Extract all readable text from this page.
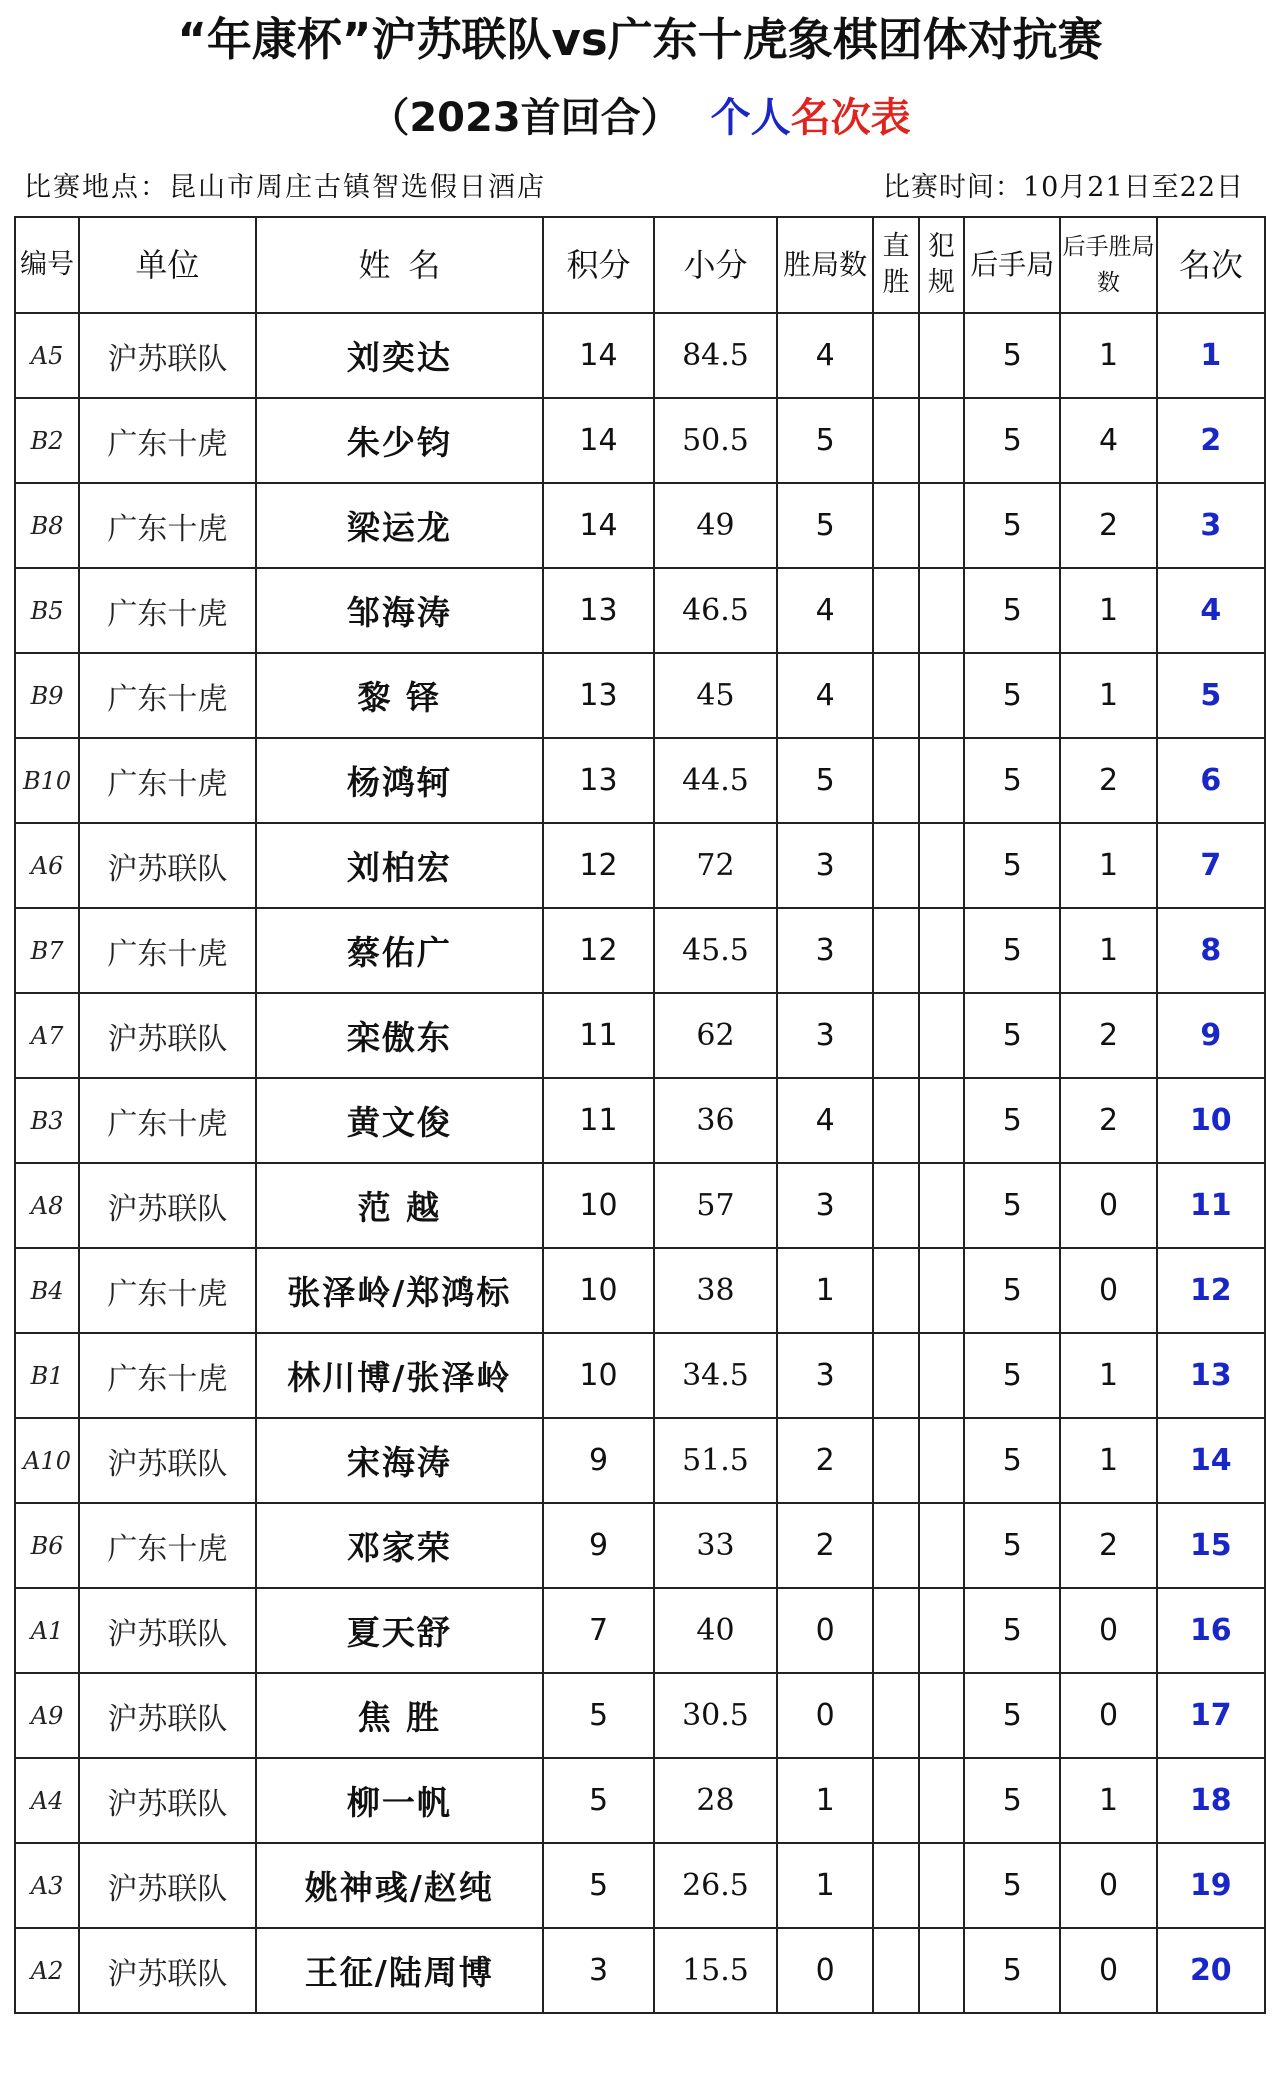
“年康杯”沪苏联队vs广东十虎象棋团体对抗赛
（2023首回合） 个人名次表
比赛地点：昆山市周庄古镇智选假日酒店	比赛时间：10月21日至22日
编号	单位	姓名	积分	小分	胜局数	直胜	犯规	后手局	后手胜局数	名次
A5	沪苏联队	刘奕达	14	84.5	4			5	1	1
B2	广东十虎	朱少钧	14	50.5	5			5	4	2
B8	广东十虎	梁运龙	14	49	5			5	2	3
B5	广东十虎	邹海涛	13	46.5	4			5	1	4
B9	广东十虎	黎 铎	13	45	4			5	1	5
B10	广东十虎	杨鸿轲	13	44.5	5			5	2	6
A6	沪苏联队	刘柏宏	12	72	3			5	1	7
B7	广东十虎	蔡佑广	12	45.5	3			5	1	8
A7	沪苏联队	栾傲东	11	62	3			5	2	9
B3	广东十虎	黄文俊	11	36	4			5	2	10
A8	沪苏联队	范 越	10	57	3			5	0	11
B4	广东十虎	张泽岭/郑鸿标	10	38	1			5	0	12
B1	广东十虎	林川博/张泽岭	10	34.5	3			5	1	13
A10	沪苏联队	宋海涛	9	51.5	2			5	1	14
B6	广东十虎	邓家荣	9	33	2			5	2	15
A1	沪苏联队	夏天舒	7	40	0			5	0	16
A9	沪苏联队	焦 胜	5	30.5	0			5	0	17
A4	沪苏联队	柳一帆	5	28	1			5	1	18
A3	沪苏联队	姚神彧/赵纯	5	26.5	1			5	0	19
A2	沪苏联队	王征/陆周博	3	15.5	0			5	0	20
